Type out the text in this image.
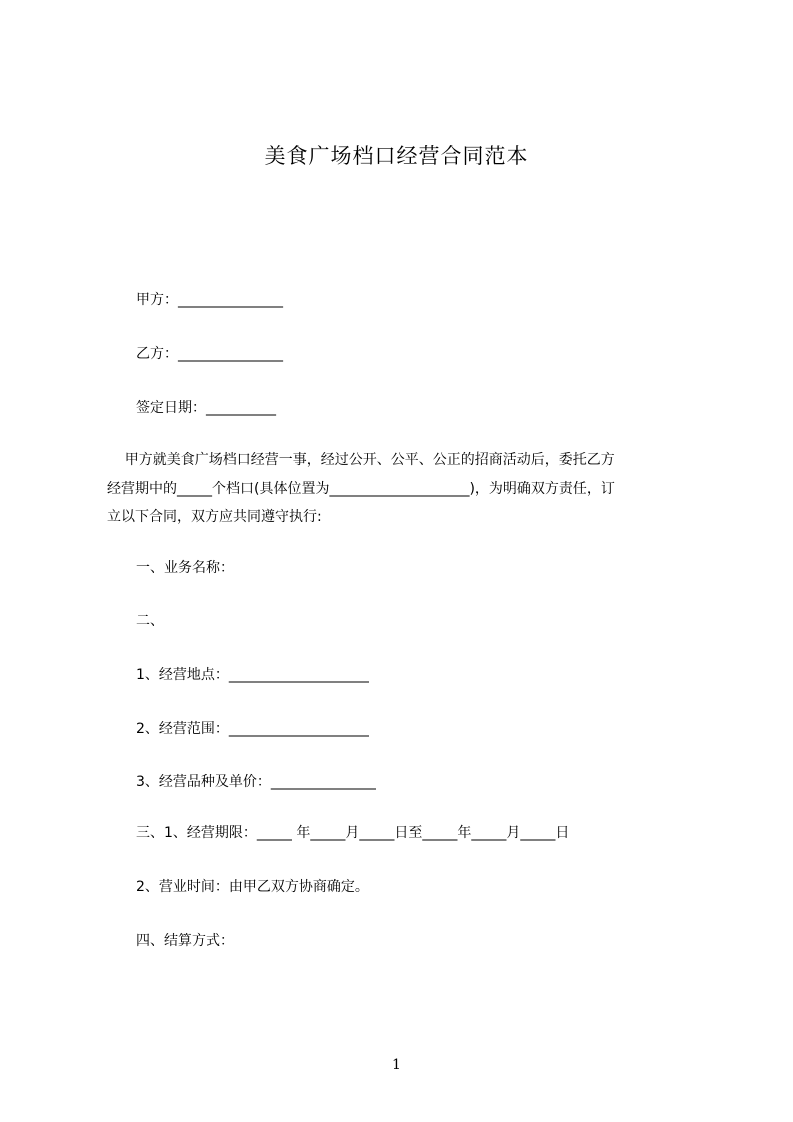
美食广场档口经营合同范本
甲方：_______________
乙方：_______________
签定日期：__________
甲方就美食广场档口经营一事，经过公开、公平、公正的招商活动后，委托乙方
经营期中的_____个档口(具体位置为____________________)，为明确双方责任，订
立以下合同，双方应共同遵守执行:
一、业务名称：
二、
1、经营地点：____________________
2、经营范围：____________________
3、经营品种及单价：_______________
三、1、经营期限：_____ 年_____月_____日至_____年_____月_____日
2、营业时间：由甲乙双方协商确定。
四、结算方式：
1
